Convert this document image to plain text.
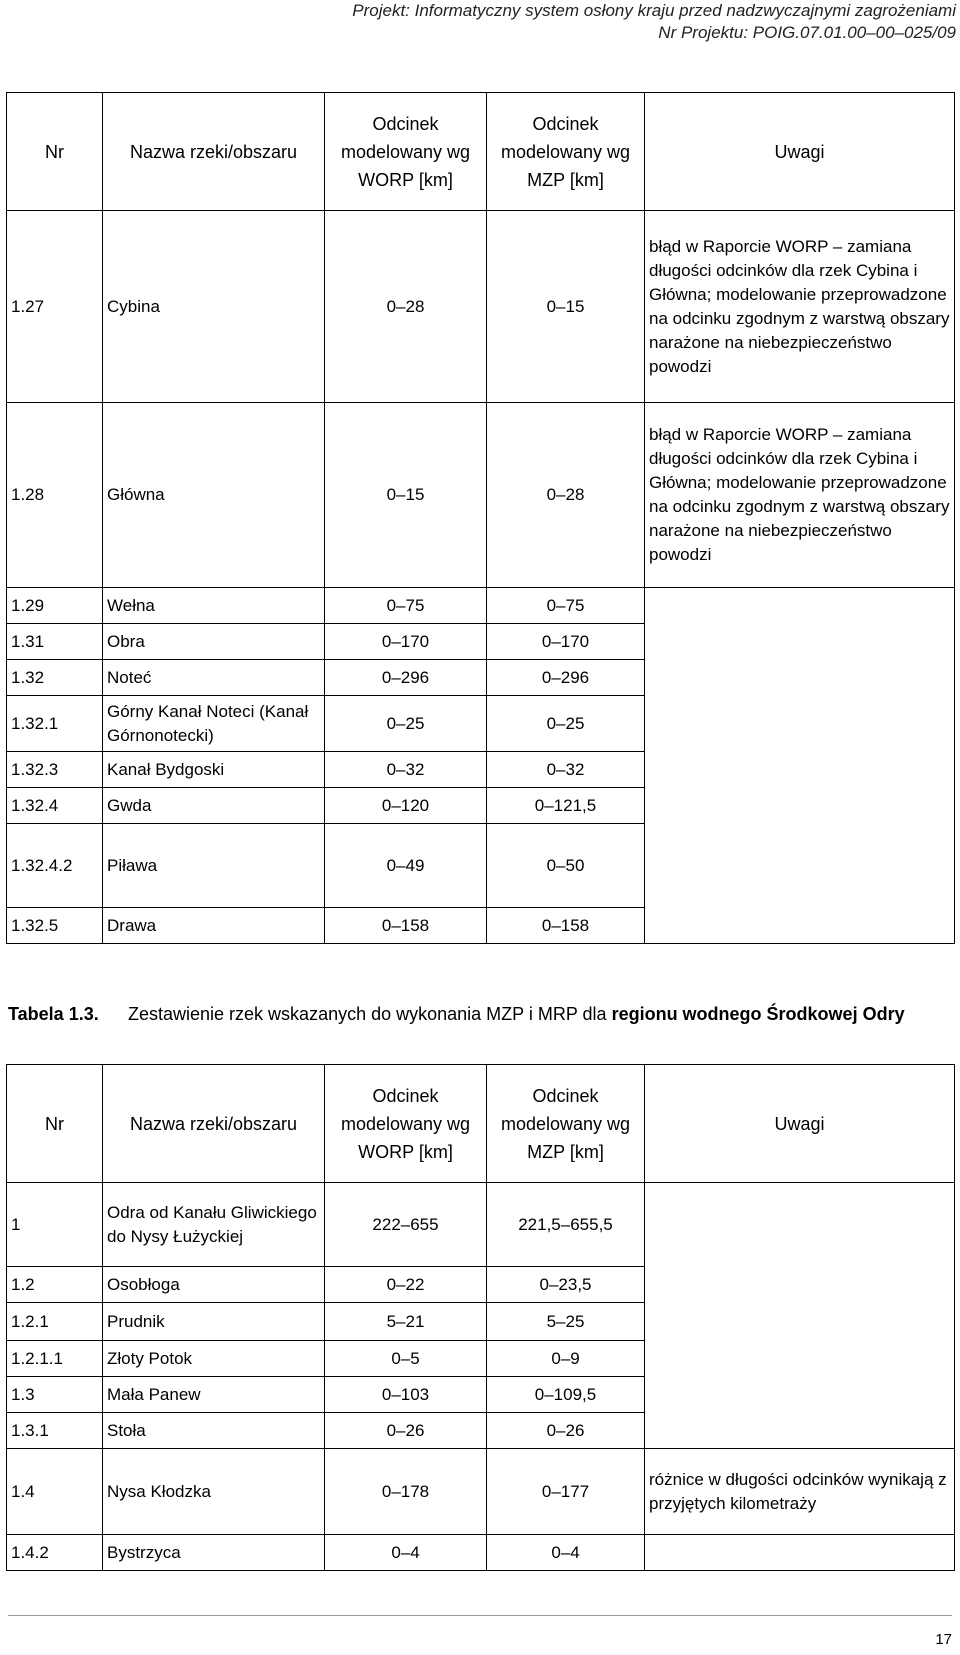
Projekt: Informatyczny system osłony kraju przed nadzwyczajnymi zagrożeniami
Nr Projektu: POIG.07.01.00–00–025/09
Nr	Nazwa rzeki/obszaru	Odcinek modelowany wg WORP [km]	Odcinek modelowany wg MZP [km]	Uwagi
1.27	Cybina	0–28	0–15	błąd w Raporcie WORP – zamiana długości odcinków dla rzek Cybina i Główna; modelowanie przeprowadzone na odcinku zgodnym z warstwą obszary narażone na niebezpieczeństwo powodzi
1.28	Główna	0–15	0–28	błąd w Raporcie WORP – zamiana długości odcinków dla rzek Cybina i Główna; modelowanie przeprowadzone na odcinku zgodnym z warstwą obszary narażone na niebezpieczeństwo powodzi
1.29	Wełna	0–75	0–75	
1.31	Obra	0–170	0–170	
1.32	Noteć	0–296	0–296	
1.32.1	Górny Kanał Noteci (Kanał Górnonotecki)	0–25	0–25	
1.32.3	Kanał Bydgoski	0–32	0–32	
1.32.4	Gwda	0–120	0–121,5	
1.32.4.2	Piława	0–49	0–50	
1.32.5	Drawa	0–158	0–158	
Tabela 1.3. Zestawienie rzek wskazanych do wykonania MZP i MRP dla regionu wodnego Środkowej Odry
Nr	Nazwa rzeki/obszaru	Odcinek modelowany wg WORP [km]	Odcinek modelowany wg MZP [km]	Uwagi
1	Odra od Kanału Gliwickiego do Nysy Łużyckiej	222–655	221,5–655,5	
1.2	Osobłoga	0–22	0–23,5	
1.2.1	Prudnik	5–21	5–25	
1.2.1.1	Złoty Potok	0–5	0–9	
1.3	Mała Panew	0–103	0–109,5	
1.3.1	Stoła	0–26	0–26	
1.4	Nysa Kłodzka	0–178	0–177	różnice w długości odcinków wynikają z przyjętych kilometraży
1.4.2	Bystrzyca	0–4	0–4	
17
